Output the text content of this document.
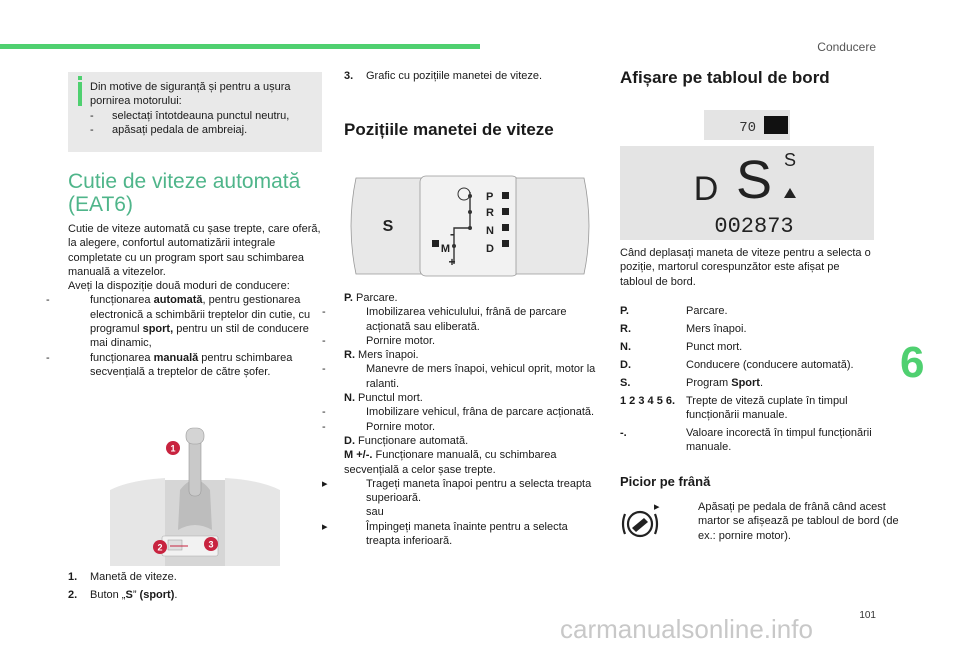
Conducere
6
101
Din motive de siguranță și pentru a ușura pornirea motorului:
- selectați întotdeauna punctul neutru,
- apăsați pedala de ambreiaj.
Cutie de viteze automată
(EAT6)
Cutie de viteze automată cu șase trepte, care oferă, la alegere, confortul automatizării integrale completate cu un program sport sau schimbarea manuală a vitezelor.
Aveți la dispoziție două moduri de conducere:
-	funcționarea automată, pentru gestionarea electronică a schimbării treptelor din cutie, cu programul sport, pentru un stil de conducere mai dinamic,
-	funcționarea manuală pentru schimbarea secvențială a treptelor de către șofer.
1
2	3
1. Manetă de viteze.
2. Buton „S” (sport).
3. Grafic cu pozițiile manetei de viteze.
Pozițiile manetei de viteze
S
P
R
N
D
M
-
+
P. Parcare.
-	Imobilizarea vehiculului, frână de parcare acționată sau eliberată.
-	Pornire motor.
R. Mers înapoi.
-	Manevre de mers înapoi, vehicul oprit, motor la ralanti.
N. Punctul mort.
-	Imobilizare vehicul, frâna de parcare acționată.
-	Pornire motor.
D. Funcționare automată.
M +/-. Funcționare manuală, cu schimbarea secvențială a celor șase trepte.
▸	Trageți maneta înapoi pentru a selecta treapta superioară.
sau
▸	Împingeți maneta înainte pentru a selecta treapta inferioară.
Afișare pe tabloul de bord
70
D S S
002873
Când deplasați maneta de viteze pentru a selecta o poziție, martorul corespunzător este afișat pe tabloul de bord.
P.	Parcare.
R.	Mers înapoi.
N.	Punct mort.
D.	Conducere (conducere automată).
S.	Program Sport.
1 2 3 4 5 6. Trepte de viteză cuplate în timpul funcționării manuale.
-.	Valoare incorectă în timpul funcționării manuale.
Picior pe frână
▸	Apăsați pe pedala de frână când acest martor se afișează pe tabloul de bord (de ex.: pornire motor).
carmanualsonline.info
